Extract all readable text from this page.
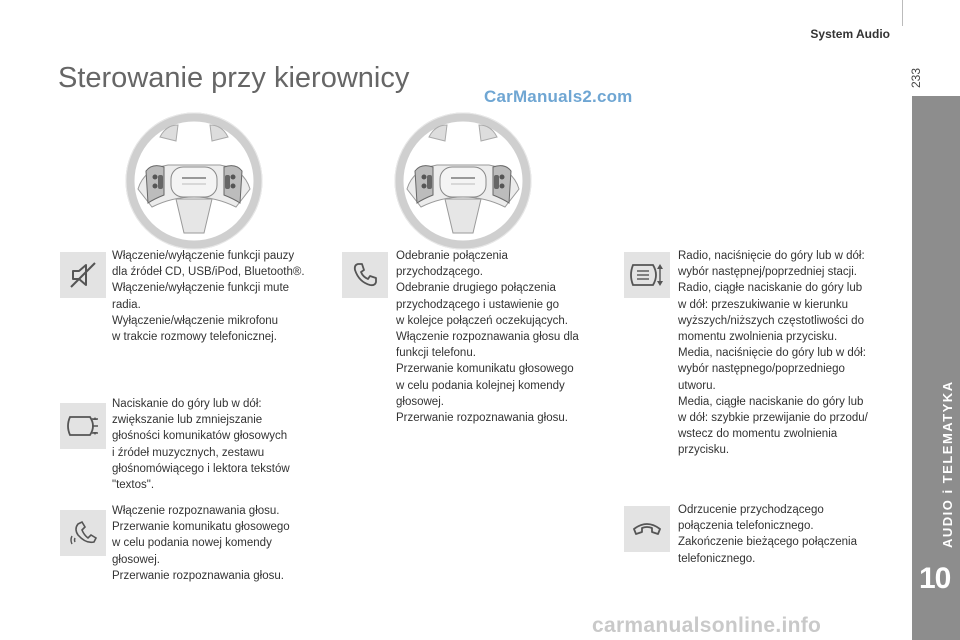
System Audio
233
AUDIO i TELEMATYKA
10
Sterowanie przy kierownicy
CarManuals2.com
Włączenie/wyłączenie funkcji pauzy
dla źródeł CD, USB/iPod, Bluetooth®.
Włączenie/wyłączenie funkcji mute
radia.
Wyłączenie/włączenie mikrofonu
w trakcie rozmowy telefonicznej.
Naciskanie do góry lub w dół:
zwiększanie lub zmniejszanie
głośności komunikatów głosowych
i źródeł muzycznych, zestawu
głośnomówiącego i lektora tekstów
"textos".
Włączenie rozpoznawania głosu.
Przerwanie komunikatu głosowego
w celu podania nowej komendy
głosowej.
Przerwanie rozpoznawania głosu.
Odebranie połączenia
przychodzącego.
Odebranie drugiego połączenia
przychodzącego i ustawienie go
w kolejce połączeń oczekujących.
Włączenie rozpoznawania głosu dla
funkcji telefonu.
Przerwanie komunikatu głosowego
w celu podania kolejnej komendy
głosowej.
Przerwanie rozpoznawania głosu.
Radio, naciśnięcie do góry lub w dół:
wybór następnej/poprzedniej stacji.
Radio, ciągłe naciskanie do góry lub
w dół: przeszukiwanie w kierunku
wyższych/niższych częstotliwości do
momentu zwolnienia przycisku.
Media, naciśnięcie do góry lub w dół:
wybór następnego/poprzedniego
utworu.
Media, ciągłe naciskanie do góry lub
w dół: szybkie przewijanie do przodu/
wstecz do momentu zwolnienia
przycisku.
Odrzucenie przychodzącego
połączenia telefonicznego.
Zakończenie bieżącego połączenia
telefonicznego.
carmanualsonline.info
